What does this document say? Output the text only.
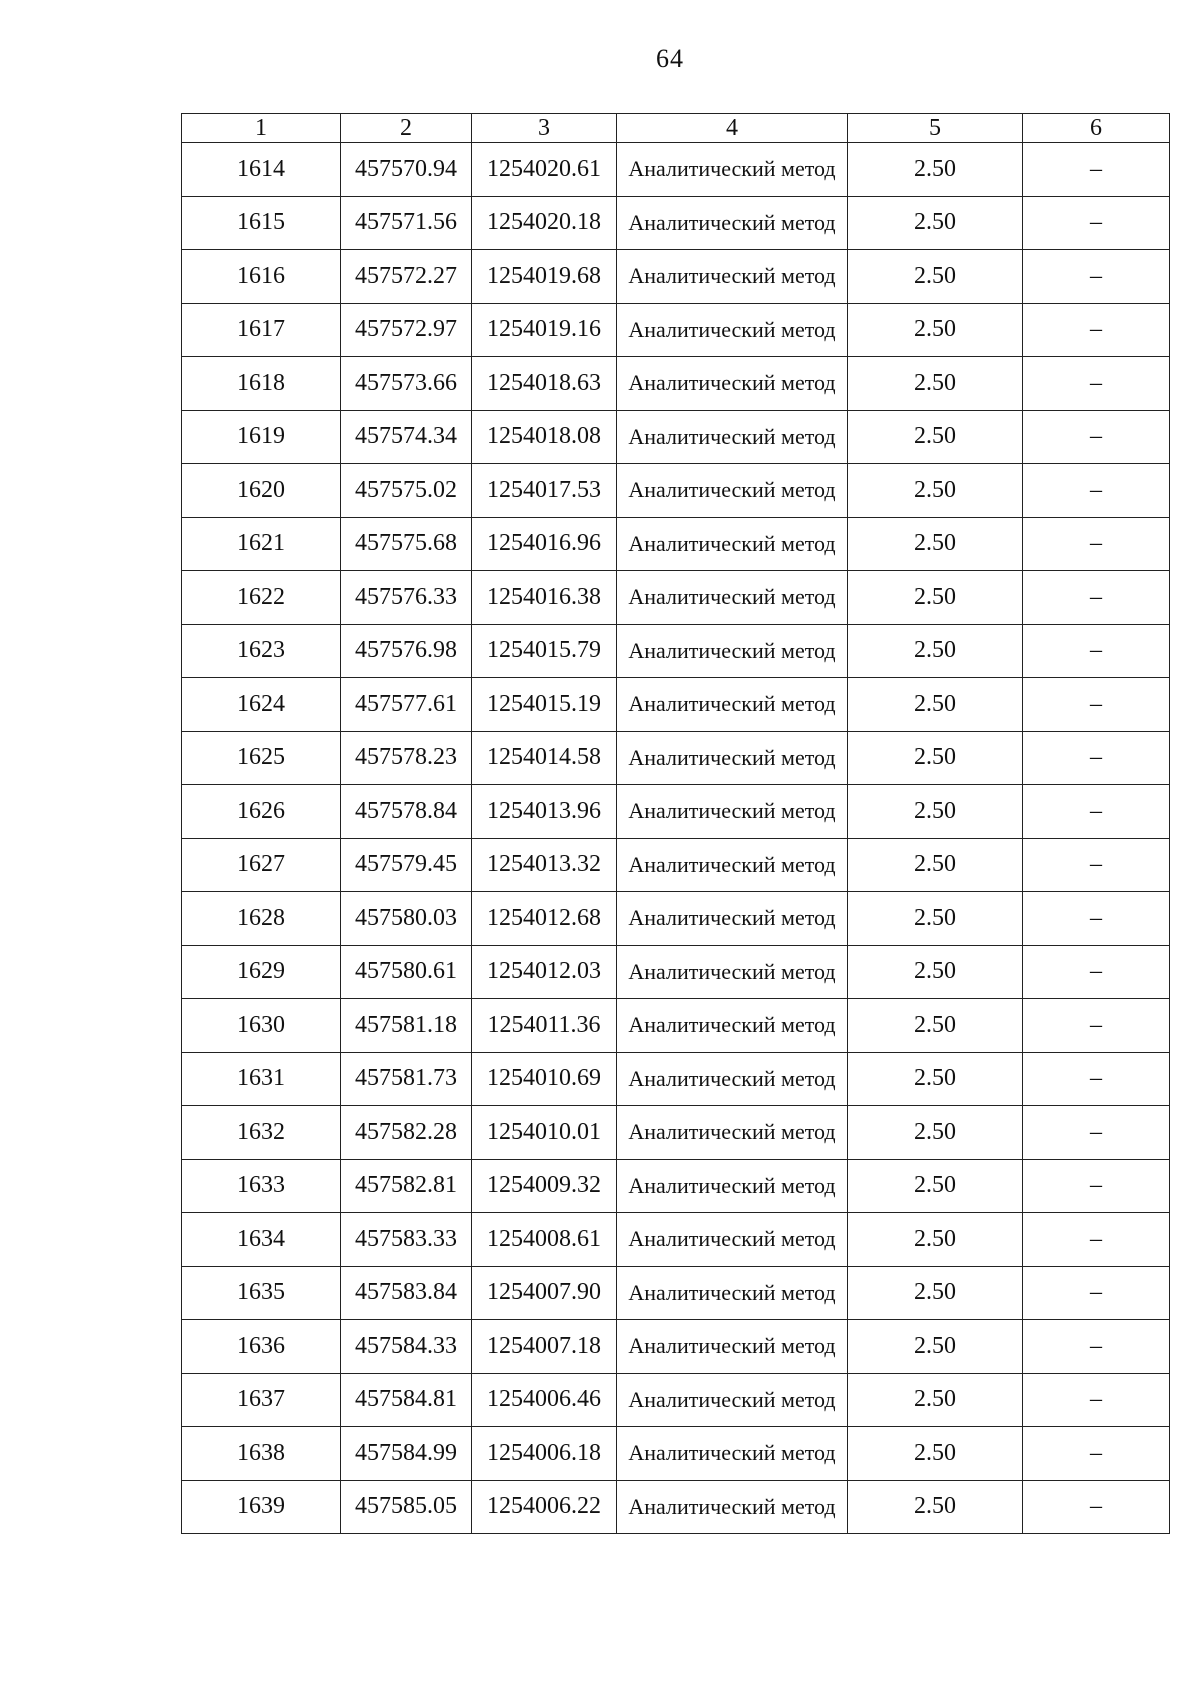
64
1	2	3	4	5	6
1614	457570.94	1254020.61	Аналитический метод	2.50	–
1615	457571.56	1254020.18	Аналитический метод	2.50	–
1616	457572.27	1254019.68	Аналитический метод	2.50	–
1617	457572.97	1254019.16	Аналитический метод	2.50	–
1618	457573.66	1254018.63	Аналитический метод	2.50	–
1619	457574.34	1254018.08	Аналитический метод	2.50	–
1620	457575.02	1254017.53	Аналитический метод	2.50	–
1621	457575.68	1254016.96	Аналитический метод	2.50	–
1622	457576.33	1254016.38	Аналитический метод	2.50	–
1623	457576.98	1254015.79	Аналитический метод	2.50	–
1624	457577.61	1254015.19	Аналитический метод	2.50	–
1625	457578.23	1254014.58	Аналитический метод	2.50	–
1626	457578.84	1254013.96	Аналитический метод	2.50	–
1627	457579.45	1254013.32	Аналитический метод	2.50	–
1628	457580.03	1254012.68	Аналитический метод	2.50	–
1629	457580.61	1254012.03	Аналитический метод	2.50	–
1630	457581.18	1254011.36	Аналитический метод	2.50	–
1631	457581.73	1254010.69	Аналитический метод	2.50	–
1632	457582.28	1254010.01	Аналитический метод	2.50	–
1633	457582.81	1254009.32	Аналитический метод	2.50	–
1634	457583.33	1254008.61	Аналитический метод	2.50	–
1635	457583.84	1254007.90	Аналитический метод	2.50	–
1636	457584.33	1254007.18	Аналитический метод	2.50	–
1637	457584.81	1254006.46	Аналитический метод	2.50	–
1638	457584.99	1254006.18	Аналитический метод	2.50	–
1639	457585.05	1254006.22	Аналитический метод	2.50	–
